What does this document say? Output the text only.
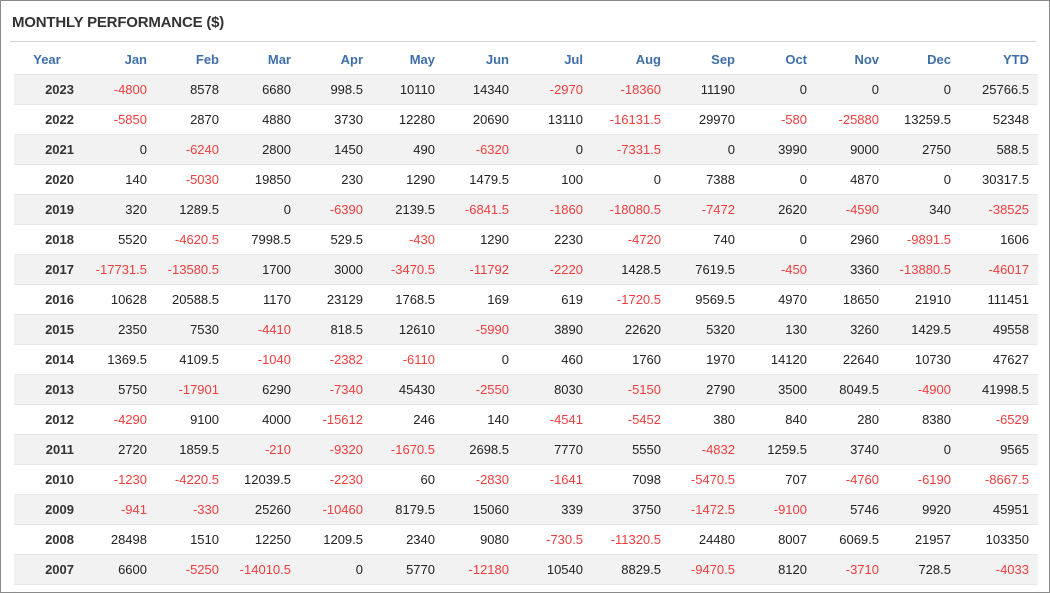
MONTHLY PERFORMANCE ($)
Year	Jan	Feb	Mar	Apr	May	Jun	Jul	Aug	Sep	Oct	Nov	Dec	YTD
2023	-4800	8578	6680	998.5	10110	14340	-2970	-18360	11190	0	0	0	25766.5
2022	-5850	2870	4880	3730	12280	20690	13110	-16131.5	29970	-580	-25880	13259.5	52348
2021	0	-6240	2800	1450	490	-6320	0	-7331.5	0	3990	9000	2750	588.5
2020	140	-5030	19850	230	1290	1479.5	100	0	7388	0	4870	0	30317.5
2019	320	1289.5	0	-6390	2139.5	-6841.5	-1860	-18080.5	-7472	2620	-4590	340	-38525
2018	5520	-4620.5	7998.5	529.5	-430	1290	2230	-4720	740	0	2960	-9891.5	1606
2017	-17731.5	-13580.5	1700	3000	-3470.5	-11792	-2220	1428.5	7619.5	-450	3360	-13880.5	-46017
2016	10628	20588.5	1170	23129	1768.5	169	619	-1720.5	9569.5	4970	18650	21910	111451
2015	2350	7530	-4410	818.5	12610	-5990	3890	22620	5320	130	3260	1429.5	49558
2014	1369.5	4109.5	-1040	-2382	-6110	0	460	1760	1970	14120	22640	10730	47627
2013	5750	-17901	6290	-7340	45430	-2550	8030	-5150	2790	3500	8049.5	-4900	41998.5
2012	-4290	9100	4000	-15612	246	140	-4541	-5452	380	840	280	8380	-6529
2011	2720	1859.5	-210	-9320	-1670.5	2698.5	7770	5550	-4832	1259.5	3740	0	9565
2010	-1230	-4220.5	12039.5	-2230	60	-2830	-1641	7098	-5470.5	707	-4760	-6190	-8667.5
2009	-941	-330	25260	-10460	8179.5	15060	339	3750	-1472.5	-9100	5746	9920	45951
2008	28498	1510	12250	1209.5	2340	9080	-730.5	-11320.5	24480	8007	6069.5	21957	103350
2007	6600	-5250	-14010.5	0	5770	-12180	10540	8829.5	-9470.5	8120	-3710	728.5	-4033
